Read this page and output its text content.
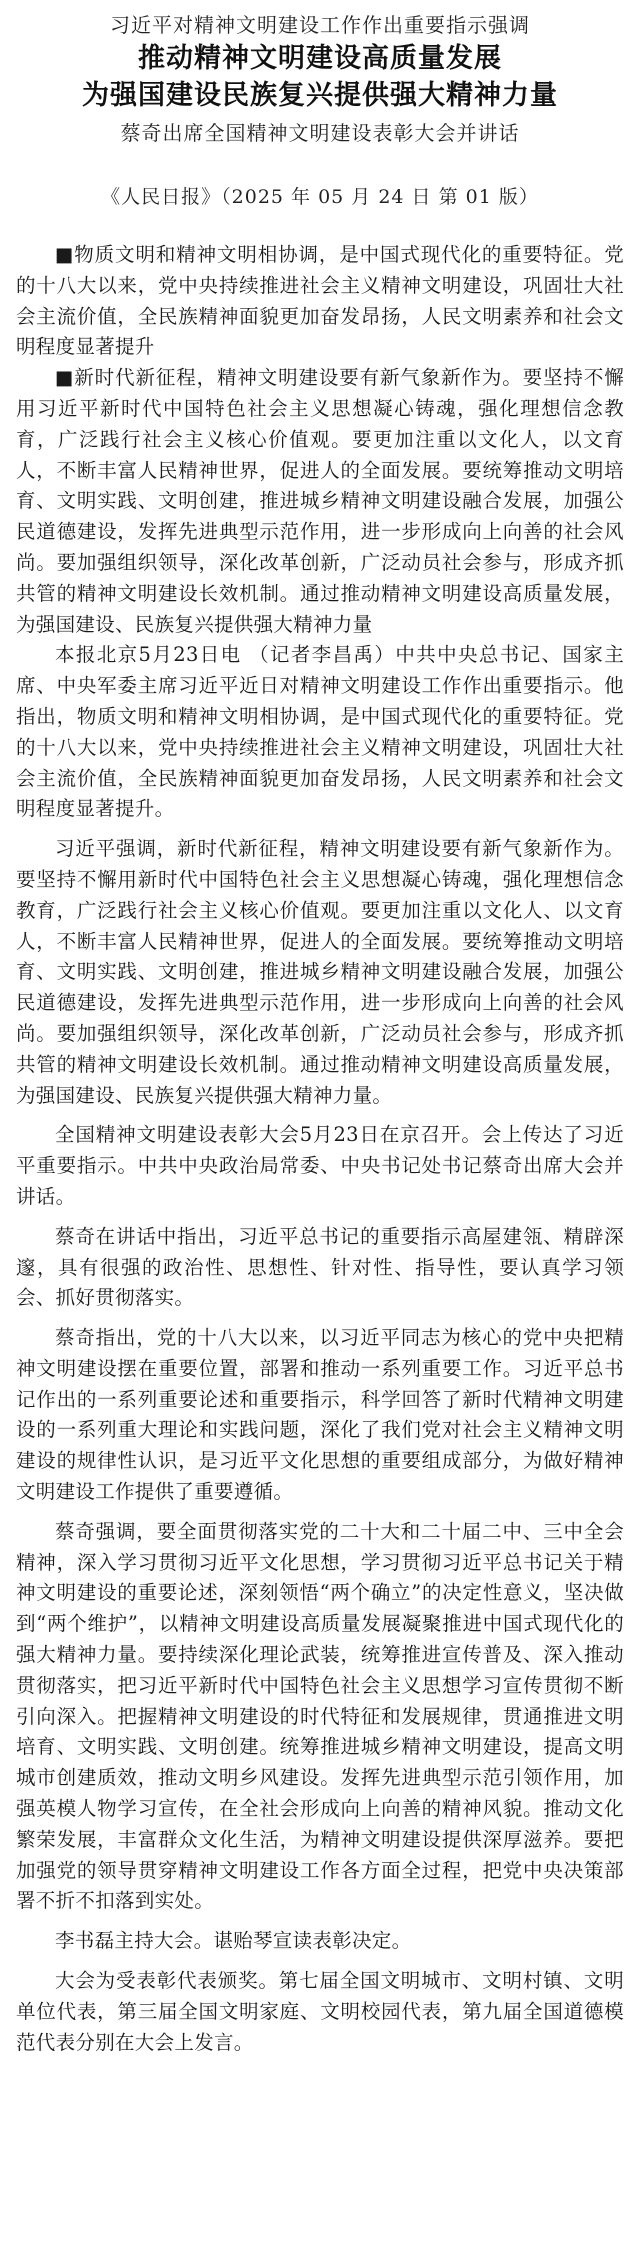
习近平对精神文明建设工作作出重要指示强调
推动精神文明建设高质量发展
为强国建设民族复兴提供强大精神力量
蔡奇出席全国精神文明建设表彰大会并讲话
《人民日报》（2025 年 05 月 24 日 第 01 版）

■物质文明和精神文明相协调，是中国式现代化的重要特征。党的十八大以来，党中央持续推进社会主义精神文明建设，巩固壮大社会主流价值，全民族精神面貌更加奋发昂扬，人民文明素养和社会文明程度显著提升

■新时代新征程，精神文明建设要有新气象新作为。要坚持不懈用习近平新时代中国特色社会主义思想凝心铸魂，强化理想信念教育，广泛践行社会主义核心价值观。要更加注重以文化人，以文育人，不断丰富人民精神世界，促进人的全面发展。要统筹推动文明培育、文明实践、文明创建，推进城乡精神文明建设融合发展，加强公民道德建设，发挥先进典型示范作用，进一步形成向上向善的社会风尚。要加强组织领导，深化改革创新，广泛动员社会参与，形成齐抓共管的精神文明建设长效机制。通过推动精神文明建设高质量发展，为强国建设、民族复兴提供强大精神力量

本报北京5月23日电 （记者李昌禹）中共中央总书记、国家主席、中央军委主席习近平近日对精神文明建设工作作出重要指示。他指出，物质文明和精神文明相协调，是中国式现代化的重要特征。党的十八大以来，党中央持续推进社会主义精神文明建设，巩固壮大社会主流价值，全民族精神面貌更加奋发昂扬，人民文明素养和社会文明程度显著提升。

习近平强调，新时代新征程，精神文明建设要有新气象新作为。要坚持不懈用新时代中国特色社会主义思想凝心铸魂，强化理想信念教育，广泛践行社会主义核心价值观。要更加注重以文化人、以文育人，不断丰富人民精神世界，促进人的全面发展。要统筹推动文明培育、文明实践、文明创建，推进城乡精神文明建设融合发展，加强公民道德建设，发挥先进典型示范作用，进一步形成向上向善的社会风尚。要加强组织领导，深化改革创新，广泛动员社会参与，形成齐抓共管的精神文明建设长效机制。通过推动精神文明建设高质量发展，为强国建设、民族复兴提供强大精神力量。

全国精神文明建设表彰大会5月23日在京召开。会上传达了习近平重要指示。中共中央政治局常委、中央书记处书记蔡奇出席大会并讲话。

蔡奇在讲话中指出，习近平总书记的重要指示高屋建瓴、精辟深邃，具有很强的政治性、思想性、针对性、指导性，要认真学习领会、抓好贯彻落实。

蔡奇指出，党的十八大以来，以习近平同志为核心的党中央把精神文明建设摆在重要位置，部署和推动一系列重要工作。习近平总书记作出的一系列重要论述和重要指示，科学回答了新时代精神文明建设的一系列重大理论和实践问题，深化了我们党对社会主义精神文明建设的规律性认识，是习近平文化思想的重要组成部分，为做好精神文明建设工作提供了重要遵循。

蔡奇强调，要全面贯彻落实党的二十大和二十届二中、三中全会精神，深入学习贯彻习近平文化思想，学习贯彻习近平总书记关于精神文明建设的重要论述，深刻领悟“两个确立”的决定性意义，坚决做到“两个维护”，以精神文明建设高质量发展凝聚推进中国式现代化的强大精神力量。要持续深化理论武装，统筹推进宣传普及、深入推动贯彻落实，把习近平新时代中国特色社会主义思想学习宣传贯彻不断引向深入。把握精神文明建设的时代特征和发展规律，贯通推进文明培育、文明实践、文明创建。统筹推进城乡精神文明建设，提高文明城市创建质效，推动文明乡风建设。发挥先进典型示范引领作用，加强英模人物学习宣传，在全社会形成向上向善的精神风貌。推动文化繁荣发展，丰富群众文化生活，为精神文明建设提供深厚滋养。要把加强党的领导贯穿精神文明建设工作各方面全过程，把党中央决策部署不折不扣落到实处。

李书磊主持大会。谌贻琴宣读表彰决定。

大会为受表彰代表颁奖。第七届全国文明城市、文明村镇、文明单位代表，第三届全国文明家庭、文明校园代表，第九届全国道德模范代表分别在大会上发言。
